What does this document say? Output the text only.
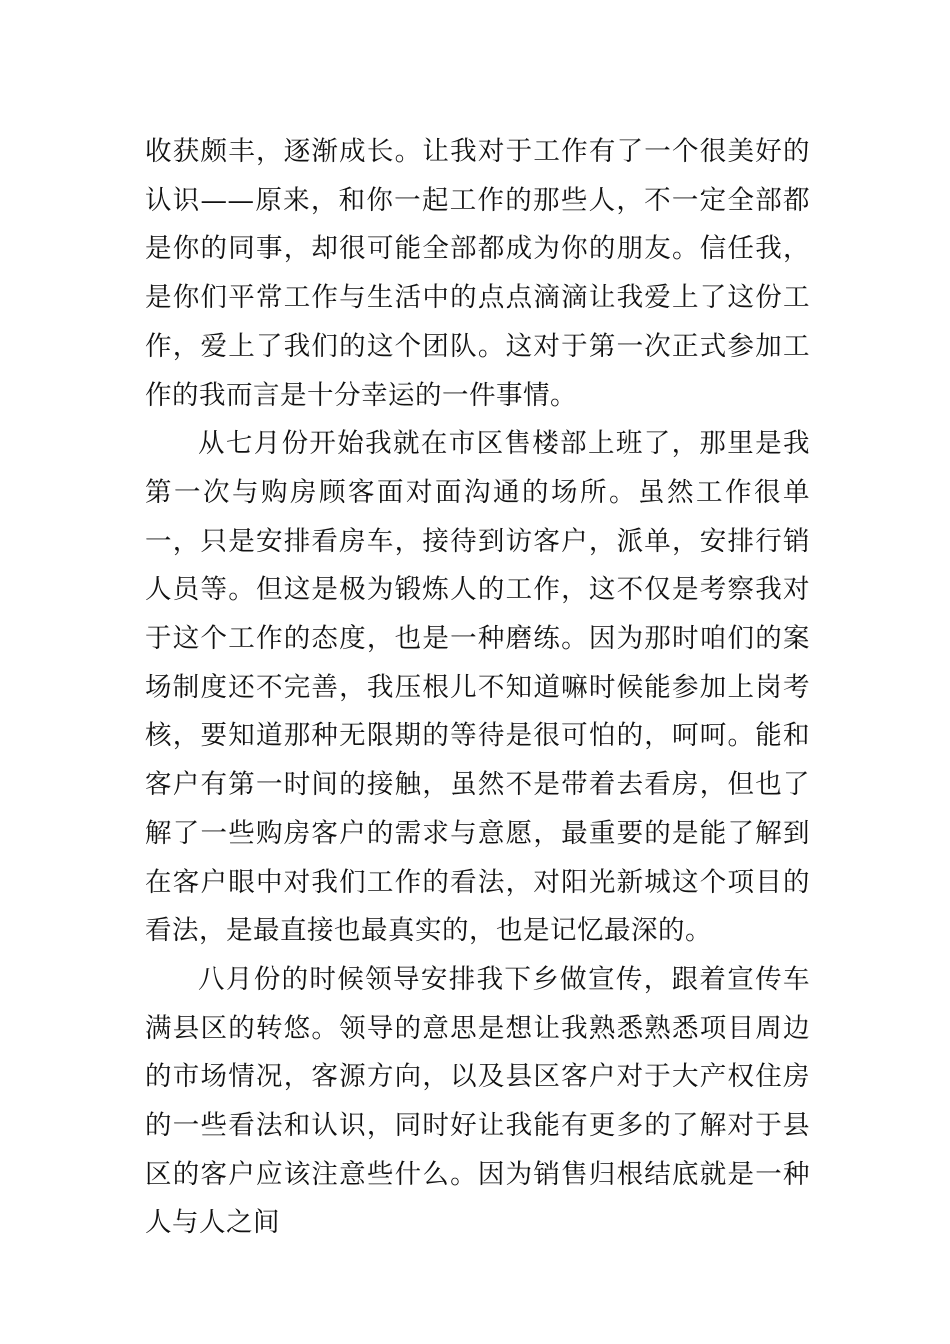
收获颇丰，逐渐成长。让我对于工作有了一个很美好的认识——原来，和你一起工作的那些人，不一定全部都是你的同事，却很可能全部都成为你的朋友。信任我，是你们平常工作与生活中的点点滴滴让我爱上了这份工作，爱上了我们的这个团队。这对于第一次正式参加工作的我而言是十分幸运的一件事情。

从七月份开始我就在市区售楼部上班了，那里是我第一次与购房顾客面对面沟通的场所。虽然工作很单一，只是安排看房车，接待到访客户，派单，安排行销人员等。但这是极为锻炼人的工作，这不仅是考察我对于这个工作的态度，也是一种磨练。因为那时咱们的案场制度还不完善，我压根儿不知道嘛时候能参加上岗考核，要知道那种无限期的等待是很可怕的，呵呵。能和客户有第一时间的接触，虽然不是带着去看房，但也了解了一些购房客户的需求与意愿，最重要的是能了解到在客户眼中对我们工作的看法，对阳光新城这个项目的看法，是最直接也最真实的，也是记忆最深的。

八月份的时候领导安排我下乡做宣传，跟着宣传车满县区的转悠。领导的意思是想让我熟悉熟悉项目周边的市场情况，客源方向，以及县区客户对于大产权住房的一些看法和认识，同时好让我能有更多的了解对于县区的客户应该注意些什么。因为销售归根结底就是一种人与人之间
